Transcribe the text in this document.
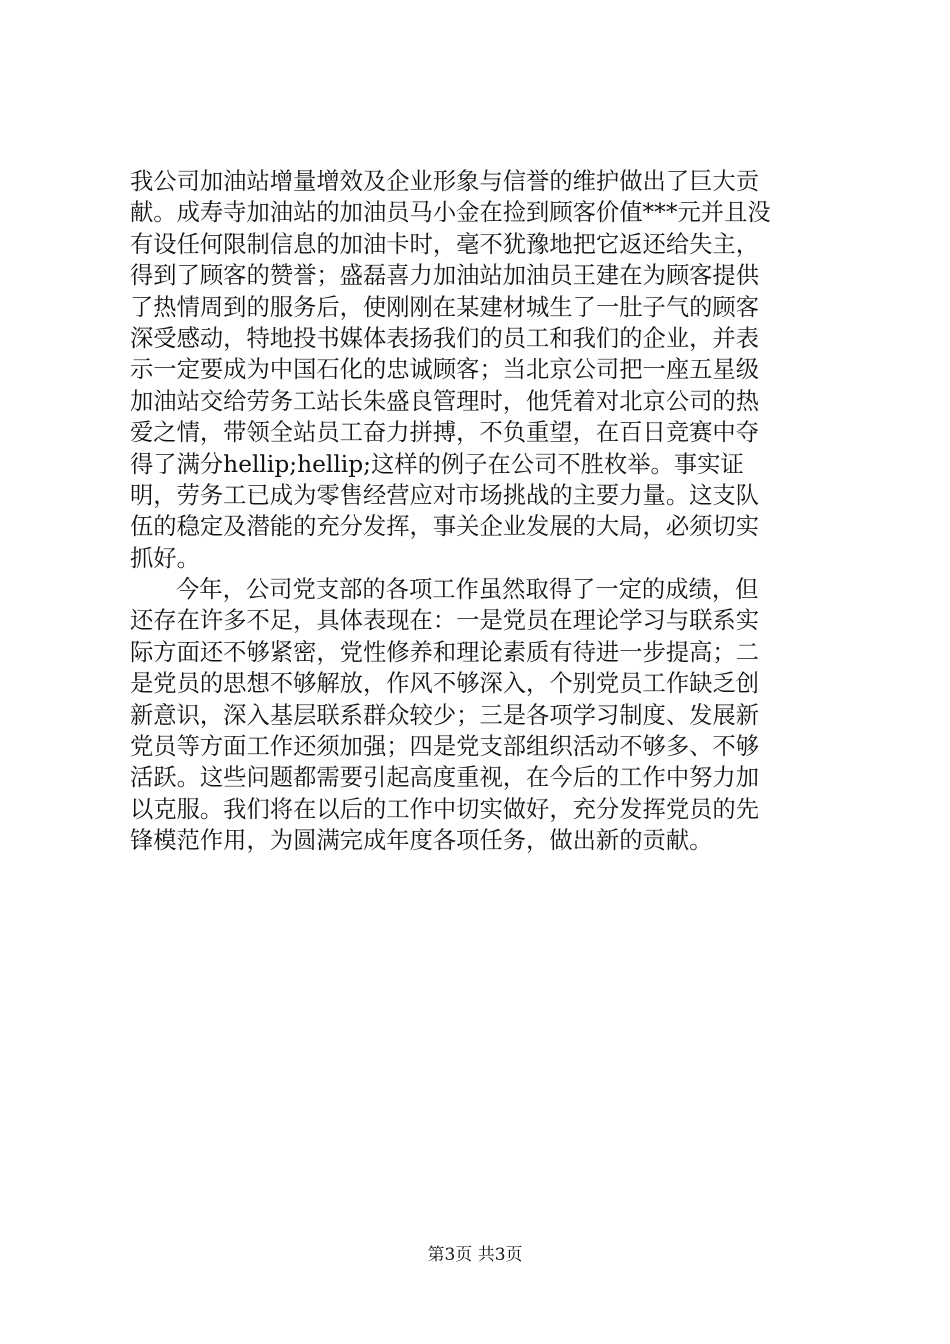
我公司加油站增量增效及企业形象与信誉的维护做出了巨大贡
献。成寿寺加油站的加油员马小金在捡到顾客价值***元并且没
有设任何限制信息的加油卡时，毫不犹豫地把它返还给失主，
得到了顾客的赞誉；盛磊喜力加油站加油员王建在为顾客提供
了热情周到的服务后，使刚刚在某建材城生了一肚子气的顾客
深受感动，特地投书媒体表扬我们的员工和我们的企业，并表
示一定要成为中国石化的忠诚顾客；当北京公司把一座五星级
加油站交给劳务工站长朱盛良管理时，他凭着对北京公司的热
爱之情，带领全站员工奋力拼搏，不负重望，在百日竞赛中夺
得了满分hellip;hellip;这样的例子在公司不胜枚举。事实证
明，劳务工已成为零售经营应对市场挑战的主要力量。这支队
伍的稳定及潜能的充分发挥，事关企业发展的大局，必须切实
抓好。
今年，公司党支部的各项工作虽然取得了一定的成绩，但
还存在许多不足，具体表现在：一是党员在理论学习与联系实
际方面还不够紧密，党性修养和理论素质有待进一步提高；二
是党员的思想不够解放，作风不够深入，个别党员工作缺乏创
新意识，深入基层联系群众较少；三是各项学习制度、发展新
党员等方面工作还须加强；四是党支部组织活动不够多、不够
活跃。这些问题都需要引起高度重视，在今后的工作中努力加
以克服。我们将在以后的工作中切实做好，充分发挥党员的先
锋模范作用，为圆满完成年度各项任务，做出新的贡献。
第3页 共3页
